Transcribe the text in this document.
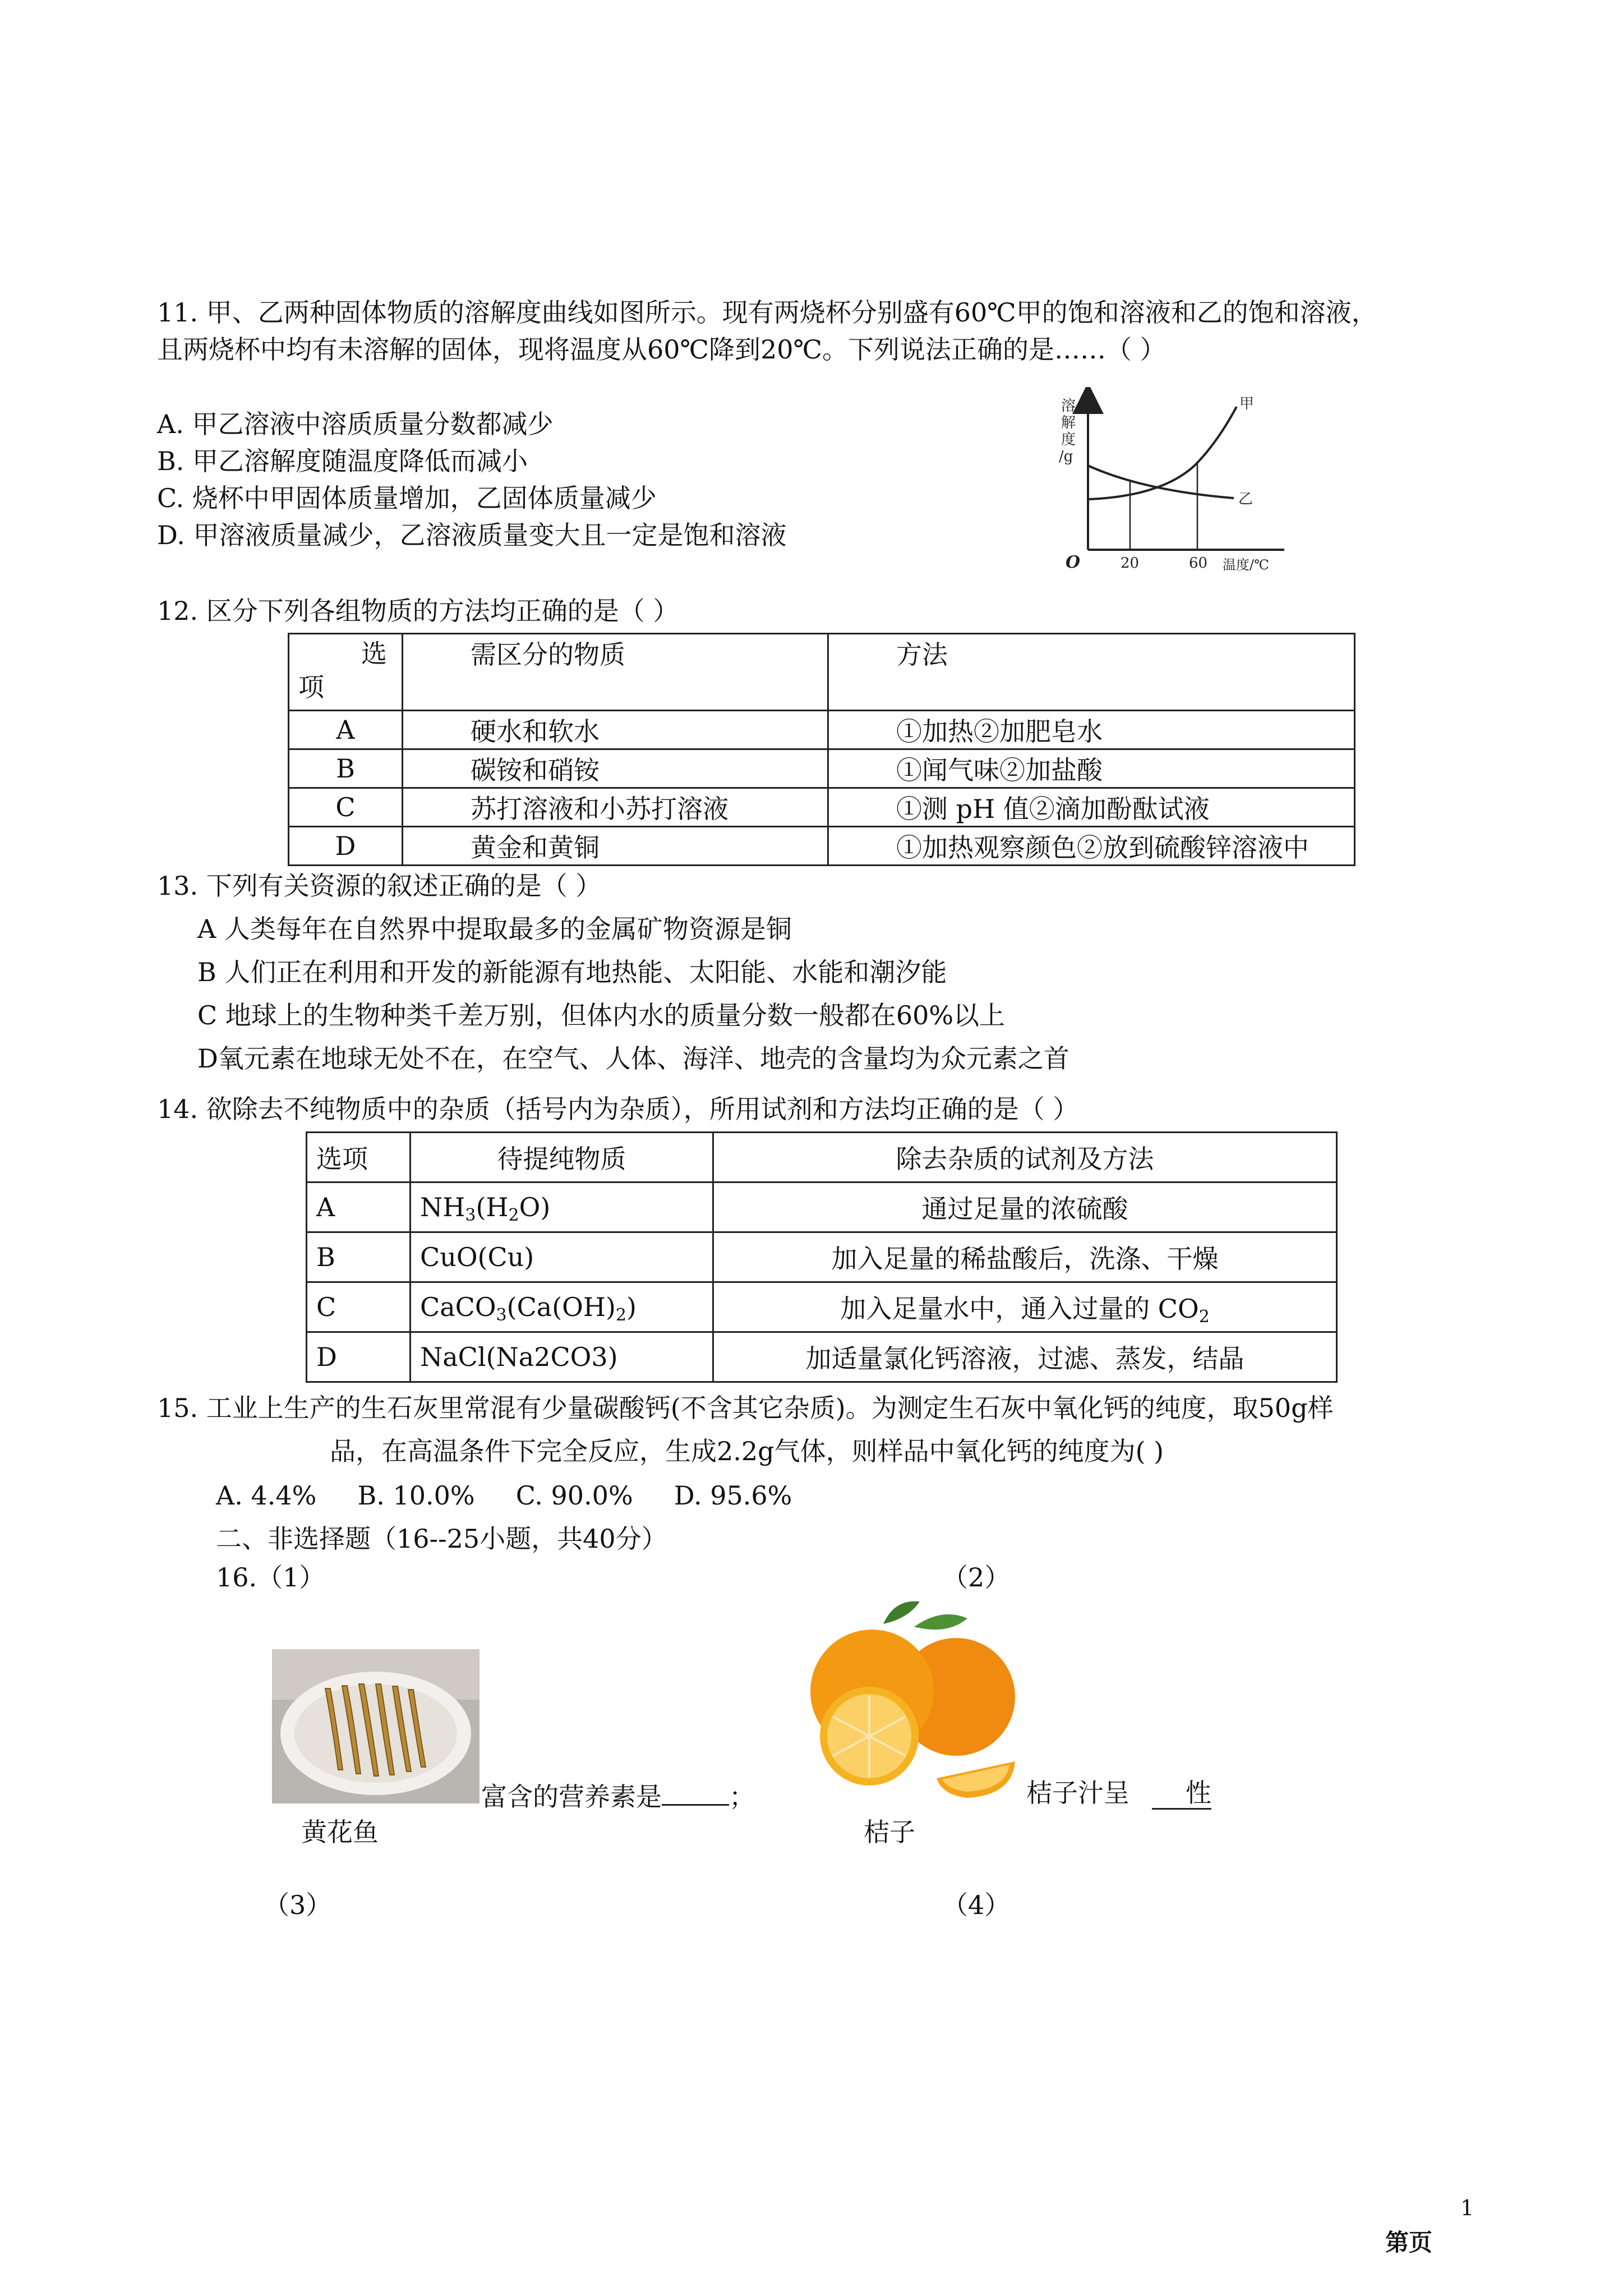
11. 甲、乙两种固体物质的溶解度曲线如图所示。现有两烧杯分别盛有60℃甲的饱和溶液和乙的饱和溶液，
且两烧杯中均有未溶解的固体，现将温度从60℃降到20℃。下列说法正确的是……（ ）
A. 甲乙溶液中溶质质量分数都减少
B. 甲乙溶解度随温度降低而减小
C. 烧杯中甲固体质量增加，乙固体质量减少
D. 甲溶液质量减少，乙溶液质量变大且一定是饱和溶液
溶
解
度
/g
甲
乙
O	20	60 温度/℃
12. 区分下列各组物质的方法均正确的是（ ）
选
项	需区分的物质	方法
A	硬水和软水	①加热②加肥皂水
B	碳铵和硝铵	①闻气味②加盐酸
C	苏打溶液和小苏打溶液	①测 pH 值②滴加酚酞试液
D	黄金和黄铜	①加热观察颜色②放到硫酸锌溶液中
13. 下列有关资源的叙述正确的是（ ）
A 人类每年在自然界中提取最多的金属矿物资源是铜
B 人们正在利用和开发的新能源有地热能、太阳能、水能和潮汐能
C 地球上的生物种类千差万别，但体内水的质量分数一般都在60%以上
D氧元素在地球无处不在，在空气、人体、海洋、地壳的含量均为众元素之首
14. 欲除去不纯物质中的杂质（括号内为杂质），所用试剂和方法均正确的是（ ）
选项	待提纯物质	除去杂质的试剂及方法
A	$NH_3(H_2O)$	通过足量的浓硫酸
B	CuO(Cu)	加入足量的稀盐酸后，洗涤、干燥
C	$CaCO_3(Ca(OH)_2)$	加入足量水中，通入过量的 $CO_2$
D	NaCl(Na2CO3)	加适量氯化钙溶液，过滤、蒸发，结晶
15. 工业上生产的生石灰里常混有少量碳酸钙(不含其它杂质)。为测定生石灰中氧化钙的纯度，取50g样
品，在高温条件下完全反应，生成2.2g气体，则样品中氧化钙的纯度为( )
A. 4.4%     B. 10.0%     C. 90.0%     D. 95.6%
二、非选择题（16--25小题，共40分）
16.（1）	（2）
富含的营养素是	；
黄花鱼
桔子汁呈 性
桔子
（3）	（4）
1
第页
